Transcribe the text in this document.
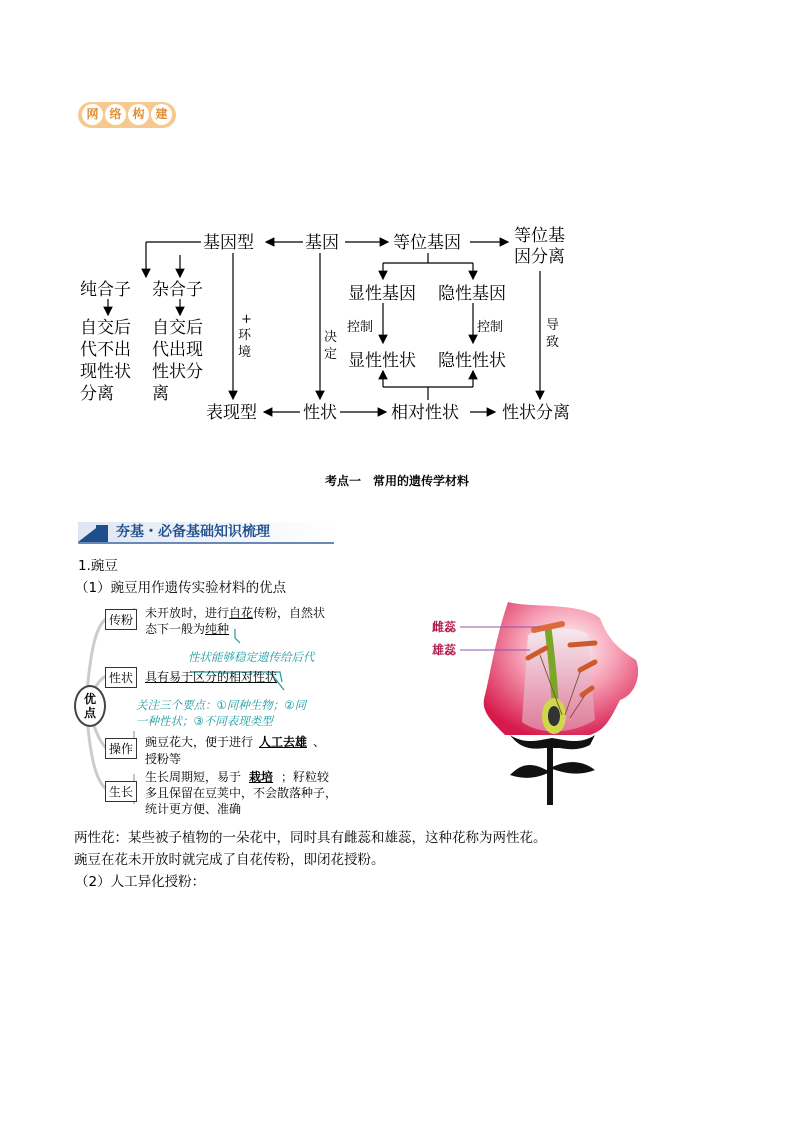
网 络 构 建
基因型	基因	等位基因	等位基
因分离
纯合子 杂合子
自交后
代不出
现性状
分离
自交后
代出现
性状分
离
显性基因 隐性基因
显性性状 隐性性状
表现型	性状	相对性状	性状分离
+
环
境
决
定
控制	控制	导
致
考点一　常用的遗传学材料
夯基・必备基础知识梳理
1.豌豆
（1）豌豆用作遗传实验材料的优点
优
点
传粉 未开放时，进行自花传粉，自然状
态下一般为纯种
性状能够稳定遗传给后代
性状 具有易于区分的相对性状
关注三个要点：①同种生物；②同
一种性状；③不同表现类型
操作 豌豆花大，便于进行 人工去雄 、
授粉等
生长
生长周期短，易于 栽培 ；籽粒较
多且保留在豆荚中，不会散落种子，
统计更方便、准确
雌蕊
雄蕊
两性花：某些被子植物的一朵花中，同时具有雌蕊和雄蕊，这种花称为两性花。
豌豆在花未开放时就完成了自花传粉，即闭花授粉。
（2）人工异化授粉：
